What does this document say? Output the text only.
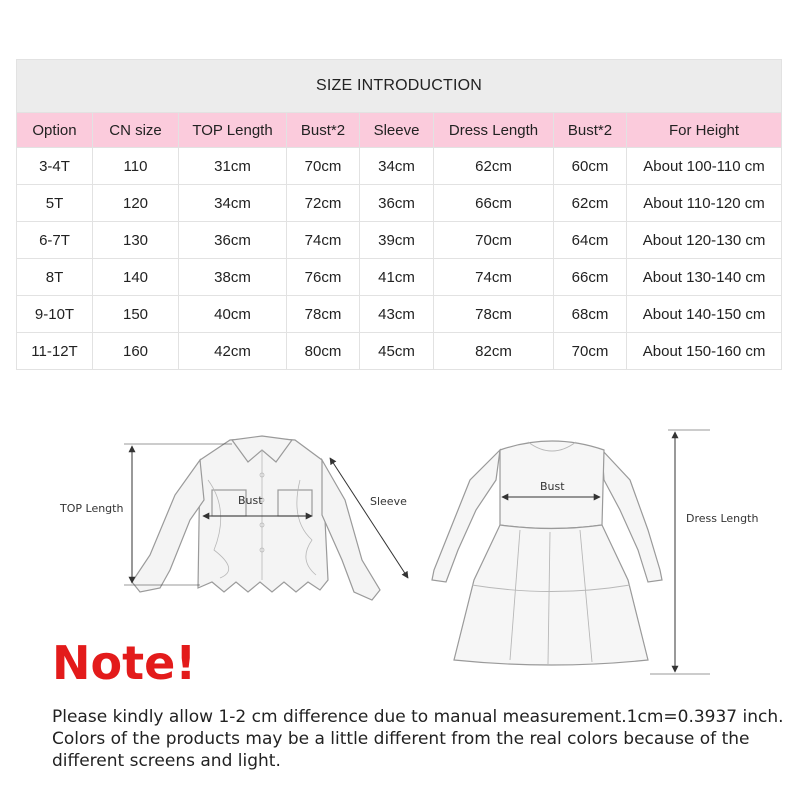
SIZE INTRODUCTION							
Option	CN size	TOP Length	Bust*2	Sleeve	Dress Length	Bust*2	For Height
3-4T	110	31cm	70cm	34cm	62cm	60cm	About 100-110 cm
5T	120	34cm	72cm	36cm	66cm	62cm	About 110-120 cm
6-7T	130	36cm	74cm	39cm	70cm	64cm	About 120-130 cm
8T	140	38cm	76cm	41cm	74cm	66cm	About 130-140 cm
9-10T	150	40cm	78cm	43cm	78cm	68cm	About 140-150 cm
11-12T	160	42cm	80cm	45cm	82cm	70cm	About 150-160 cm
TOP Length
Bust	Sleeve
Bust
Dress Length
Note!

Please kindly allow 1-2 cm difference due to manual measurement.1cm=0.3937 inch.

Colors of the products may be a little different from the real colors because of the

different screens and light.
